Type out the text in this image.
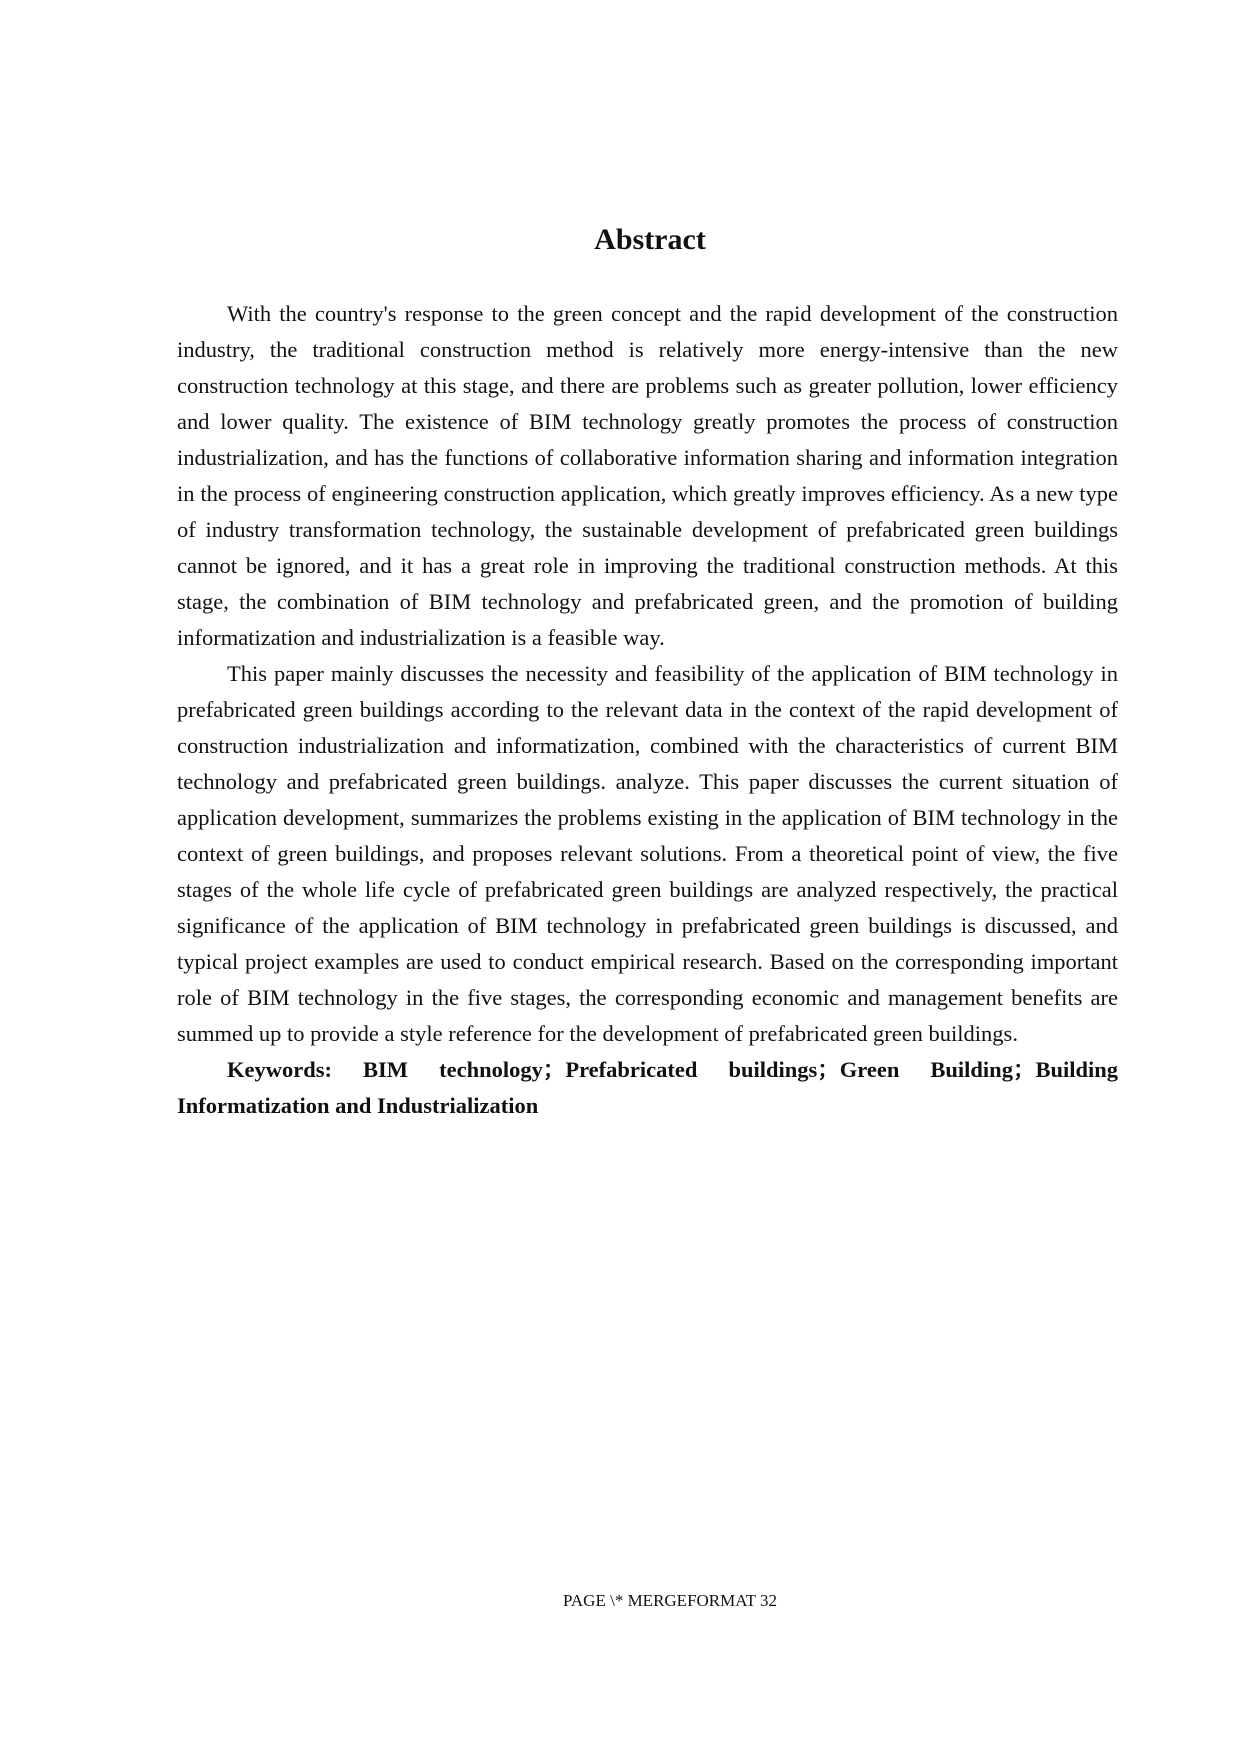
Abstract

With the country's response to the green concept and the rapid development of the construction industry, the traditional construction method is relatively more energy-intensive than the new construction technology at this stage, and there are problems such as greater pollution, lower efficiency and lower quality. The existence of BIM technology greatly promotes the process of construction industrialization, and has the functions of collaborative information sharing and information integration in the process of engineering construction application, which greatly improves efficiency. As a new type of industry transformation technology, the sustainable development of prefabricated green buildings cannot be ignored, and it has a great role in improving the traditional construction methods. At this stage, the combination of BIM technology and prefabricated green, and the promotion of building informatization and industrialization is a feasible way.

This paper mainly discusses the necessity and feasibility of the application of BIM technology in prefabricated green buildings according to the relevant data in the context of the rapid development of construction industrialization and informatization, combined with the characteristics of current BIM technology and prefabricated green buildings. analyze. This paper discusses the current situation of application development, summarizes the problems existing in the application of BIM technology in the context of green buildings, and proposes relevant solutions. From a theoretical point of view, the five stages of the whole life cycle of prefabricated green buildings are analyzed respectively, the practical significance of the application of BIM technology in prefabricated green buildings is discussed, and typical project examples are used to conduct empirical research. Based on the corresponding important role of BIM technology in the five stages, the corresponding economic and management benefits are summed up to provide a style reference for the development of prefabricated green buildings.

Keywords: BIM technology；Prefabricated buildings；Green Building；Building Informatization and Industrialization

PAGE \* MERGEFORMAT 32
